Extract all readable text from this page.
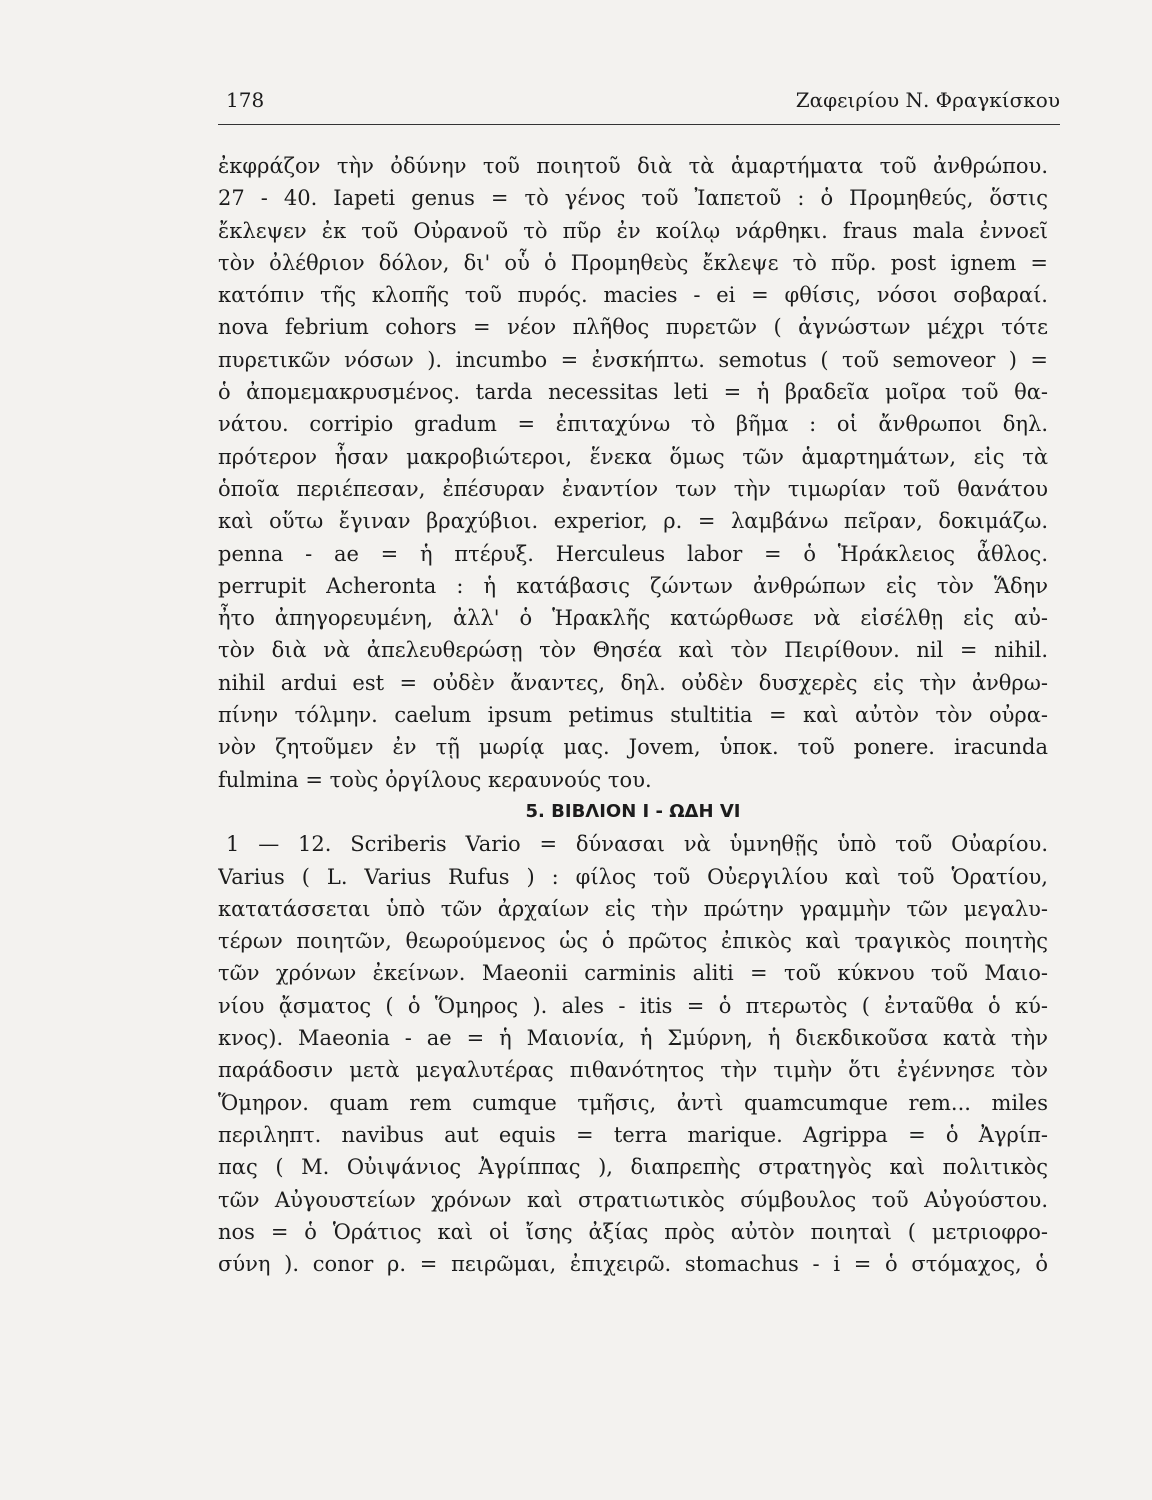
178	Ζαφειρίου Ν. Φραγκίσκου
ἐκφράζον τὴν ὀδύνην τοῦ ποιητοῦ διὰ τὰ ἁμαρτήματα τοῦ ἀνθρώπου.
27 - 40. Iapeti genus = τὸ γένος τοῦ Ἰαπετοῦ : ὁ Προμηθεύς, ὅστις
ἔκλεψεν ἐκ τοῦ Οὐρανοῦ τὸ πῦρ ἐν κοίλῳ νάρθηκι. fraus mala ἐννοεῖ
τὸν ὀλέθριον δόλον, δι' οὗ ὁ Προμηθεὺς ἔκλεψε τὸ πῦρ. post ignem =
κατόπιν τῆς κλοπῆς τοῦ πυρός. macies - ei = φθίσις, νόσοι σοβαραί.
nova febrium cohors = νέον πλῆθος πυρετῶν ( ἀγνώστων μέχρι τότε
πυρετικῶν νόσων ). incumbo = ἐνσκήπτω. semotus ( τοῦ semoveor ) =
ὁ ἀπομεμακρυσμένος. tarda necessitas leti = ἡ βραδεῖα μοῖρα τοῦ θα-
νάτου. corripio gradum = ἐπιταχύνω τὸ βῆμα : οἱ ἄνθρωποι δηλ.
πρότερον ἦσαν μακροβιώτεροι, ἕνεκα ὅμως τῶν ἁμαρτημάτων, εἰς τὰ
ὁποῖα περιέπεσαν, ἐπέσυραν ἐναντίον των τὴν τιμωρίαν τοῦ θανάτου
καὶ οὕτω ἔγιναν βραχύβιοι. experior, ρ. = λαμβάνω πεῖραν, δοκιμάζω.
penna - ae = ἡ πτέρυξ. Herculeus labor = ὁ Ἡράκλειος ἆθλος.
perrupit Acheronta : ἡ κατάβασις ζώντων ἀνθρώπων εἰς τὸν Ἅδην
ἦτο ἀπηγορευμένη, ἀλλ' ὁ Ἡρακλῆς κατώρθωσε νὰ εἰσέλθῃ εἰς αὐ-
τὸν διὰ νὰ ἀπελευθερώσῃ τὸν Θησέα καὶ τὸν Πειρίθουν. nil = nihil.
nihil ardui est = οὐδὲν ἄναντες, δηλ. οὐδὲν δυσχερὲς εἰς τὴν ἀνθρω-
πίνην τόλμην. caelum ipsum petimus stultitia = καὶ αὐτὸν τὸν οὐρα-
νὸν ζητοῦμεν ἐν τῇ μωρίᾳ μας. Jovem, ὑποκ. τοῦ ponere. iracunda
fulmina = τοὺς ὀργίλους κεραυνούς του.
5. ΒΙΒΛΙΟΝ Ι - ΩΔΗ VI
1 — 12. Scriberis Vario = δύνασαι νὰ ὑμνηθῇς ὑπὸ τοῦ Οὐαρίου.
Varius ( L. Varius Rufus ) : φίλος τοῦ Οὐεργιλίου καὶ τοῦ Ὁρατίου,
κατατάσσεται ὑπὸ τῶν ἀρχαίων εἰς τὴν πρώτην γραμμὴν τῶν μεγαλυ-
τέρων ποιητῶν, θεωρούμενος ὡς ὁ πρῶτος ἐπικὸς καὶ τραγικὸς ποιητὴς
τῶν χρόνων ἐκείνων. Maeonii carminis aliti = τοῦ κύκνου τοῦ Μαιο-
νίου ᾄσματος ( ὁ Ὅμηρος ). ales - itis = ὁ πτερωτὸς ( ἐνταῦθα ὁ κύ-
κνος). Maeonia - ae = ἡ Μαιονία, ἡ Σμύρνη, ἡ διεκδικοῦσα κατὰ τὴν
παράδοσιν μετὰ μεγαλυτέρας πιθανότητος τὴν τιμὴν ὅτι ἐγέννησε τὸν
Ὅμηρον. quam rem cumque τμῆσις, ἀντὶ quamcumque rem... miles
περιληπτ. navibus aut equis = terra marique. Agrippa = ὁ Ἀγρίπ-
πας ( Μ. Οὐιψάνιος Ἀγρίππας ), διαπρεπὴς στρατηγὸς καὶ πολιτικὸς
τῶν Αὐγουστείων χρόνων καὶ στρατιωτικὸς σύμβουλος τοῦ Αὐγούστου.
nos = ὁ Ὁράτιος καὶ οἱ ἴσης ἀξίας πρὸς αὐτὸν ποιηταὶ ( μετριοφρο-
σύνη ). conor ρ. = πειρῶμαι, ἐπιχειρῶ. stomachus - i = ὁ στόμαχος, ὁ
